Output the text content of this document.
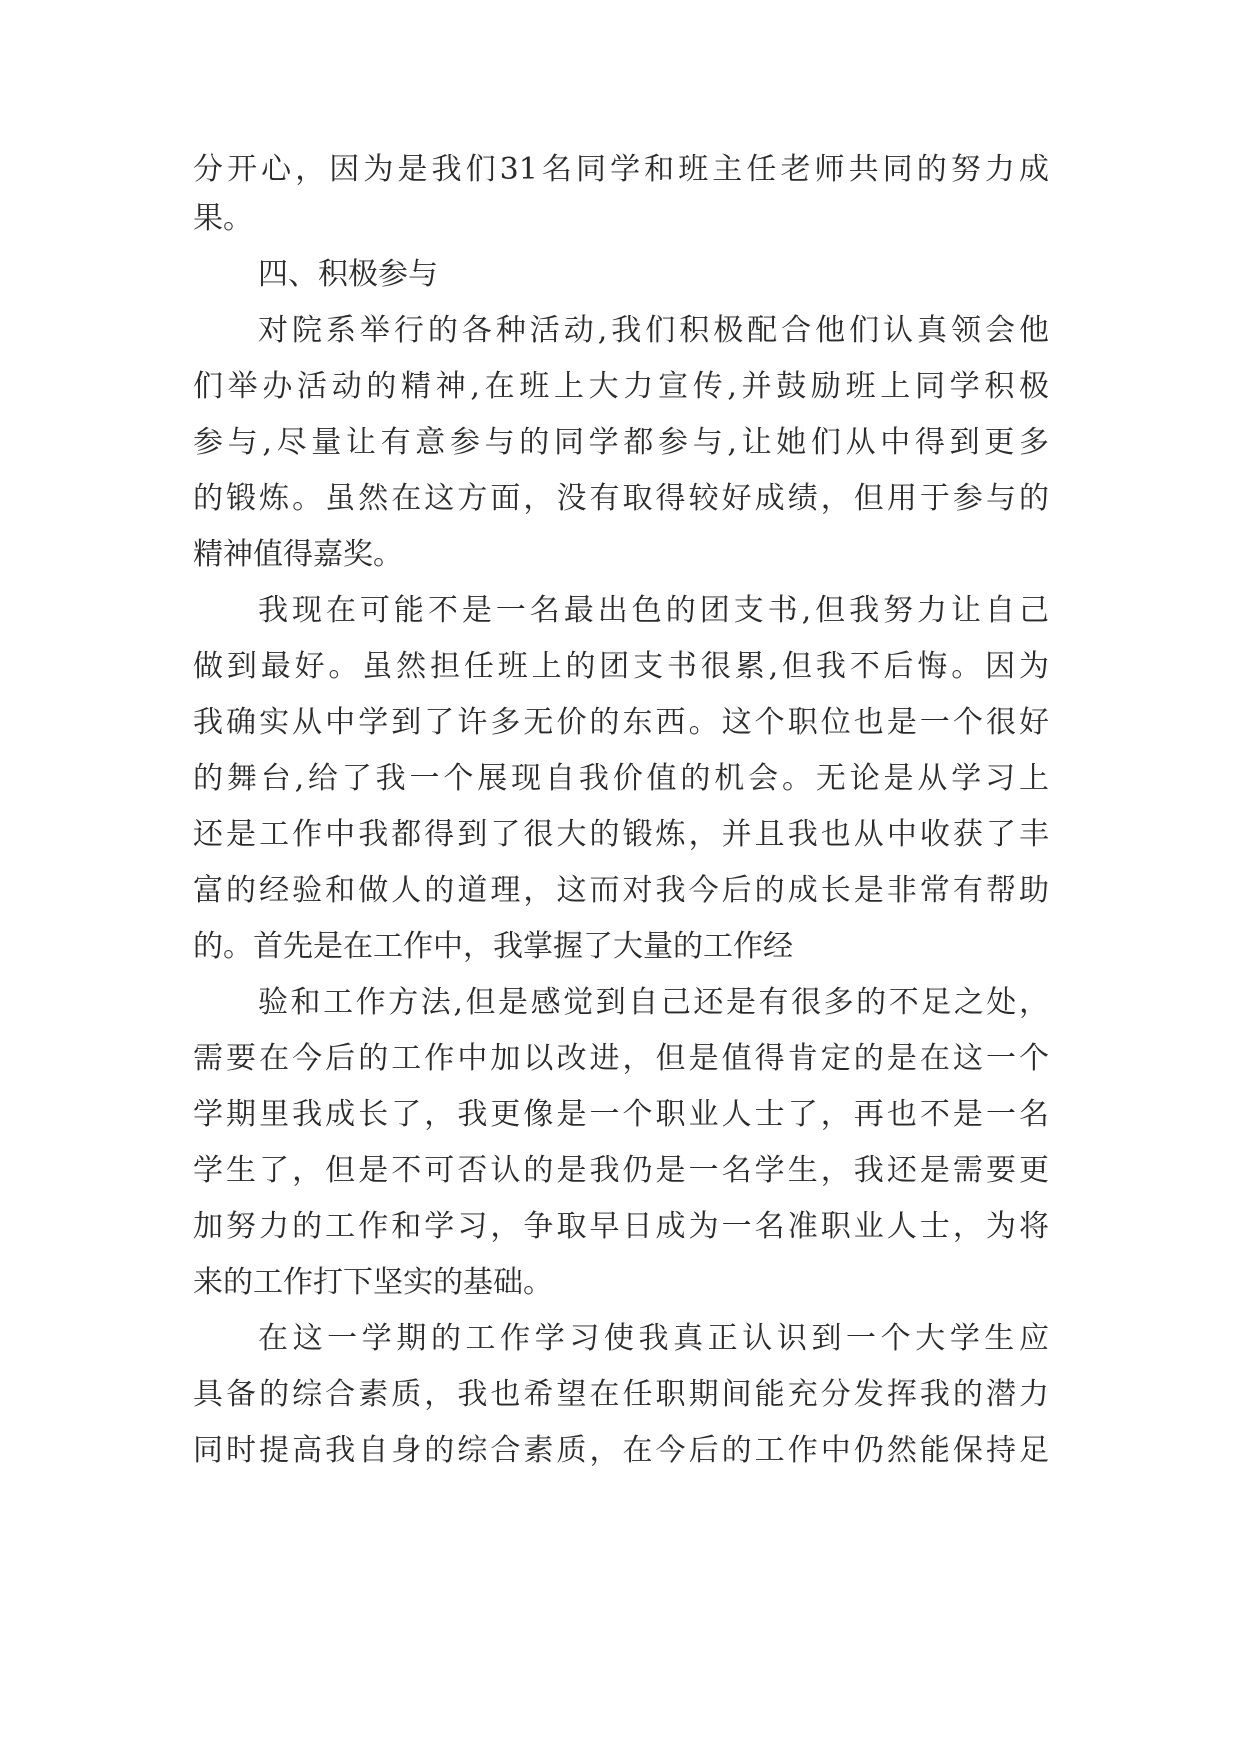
分开心，因为是我们31名同学和班主任老师共同的努力成
果。
四、积极参与
对院系举行的各种活动,我们积极配合他们认真领会他
们举办活动的精神,在班上大力宣传,并鼓励班上同学积极
参与,尽量让有意参与的同学都参与,让她们从中得到更多
的锻炼。虽然在这方面，没有取得较好成绩，但用于参与的
精神值得嘉奖。
我现在可能不是一名最出色的团支书,但我努力让自己
做到最好。虽然担任班上的团支书很累,但我不后悔。因为
我确实从中学到了许多无价的东西。这个职位也是一个很好
的舞台,给了我一个展现自我价值的机会。无论是从学习上
还是工作中我都得到了很大的锻炼，并且我也从中收获了丰
富的经验和做人的道理，这而对我今后的成长是非常有帮助
的。首先是在工作中，我掌握了大量的工作经
验和工作方法,但是感觉到自己还是有很多的不足之处，
需要在今后的工作中加以改进，但是值得肯定的是在这一个
学期里我成长了，我更像是一个职业人士了，再也不是一名
学生了，但是不可否认的是我仍是一名学生，我还是需要更
加努力的工作和学习，争取早日成为一名准职业人士，为将
来的工作打下坚实的基础。
在这一学期的工作学习使我真正认识到一个大学生应
具备的综合素质，我也希望在任职期间能充分发挥我的潜力
同时提高我自身的综合素质，在今后的工作中仍然能保持足
